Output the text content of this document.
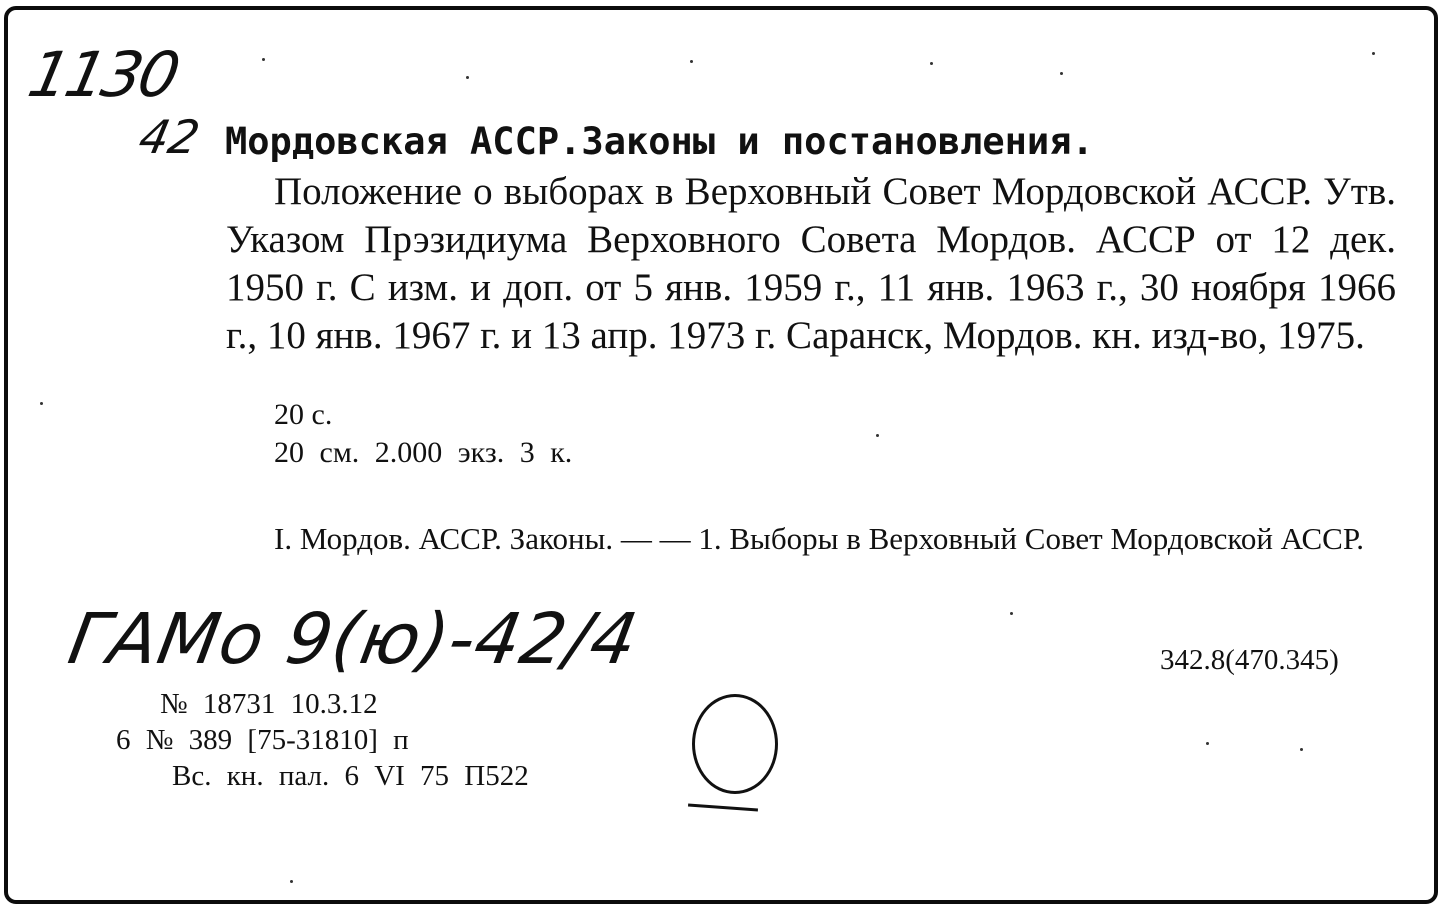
1130
42 Мордовская АССР.Законы и постановления.

Положение о выборах в Верховный Совет Мордовской АССР. Утв. Указом Прэзидиума Верховного Совета Мордов. АССР от 12 дек. 1950 г. С изм. и доп. от 5 янв. 1959 г., 11 янв. 1963 г., 30 ноября 1966 г., 10 янв. 1967 г. и 13 апр. 1973 г. Саранск, Мордов. кн. изд-во, 1975.

20 с.
20 см. 2.000 экз. 3 к.

I. Мордов. АССР. Законы. — — 1. Выборы в Верховный Совет Мордовской АССР.

ГАМо 9(ю)-42/4	342.8(470.345)
№ 18731 10.3.12
6 № 389 [75-31810] п
Вс. кн. пал. 6 VI 75 П522
